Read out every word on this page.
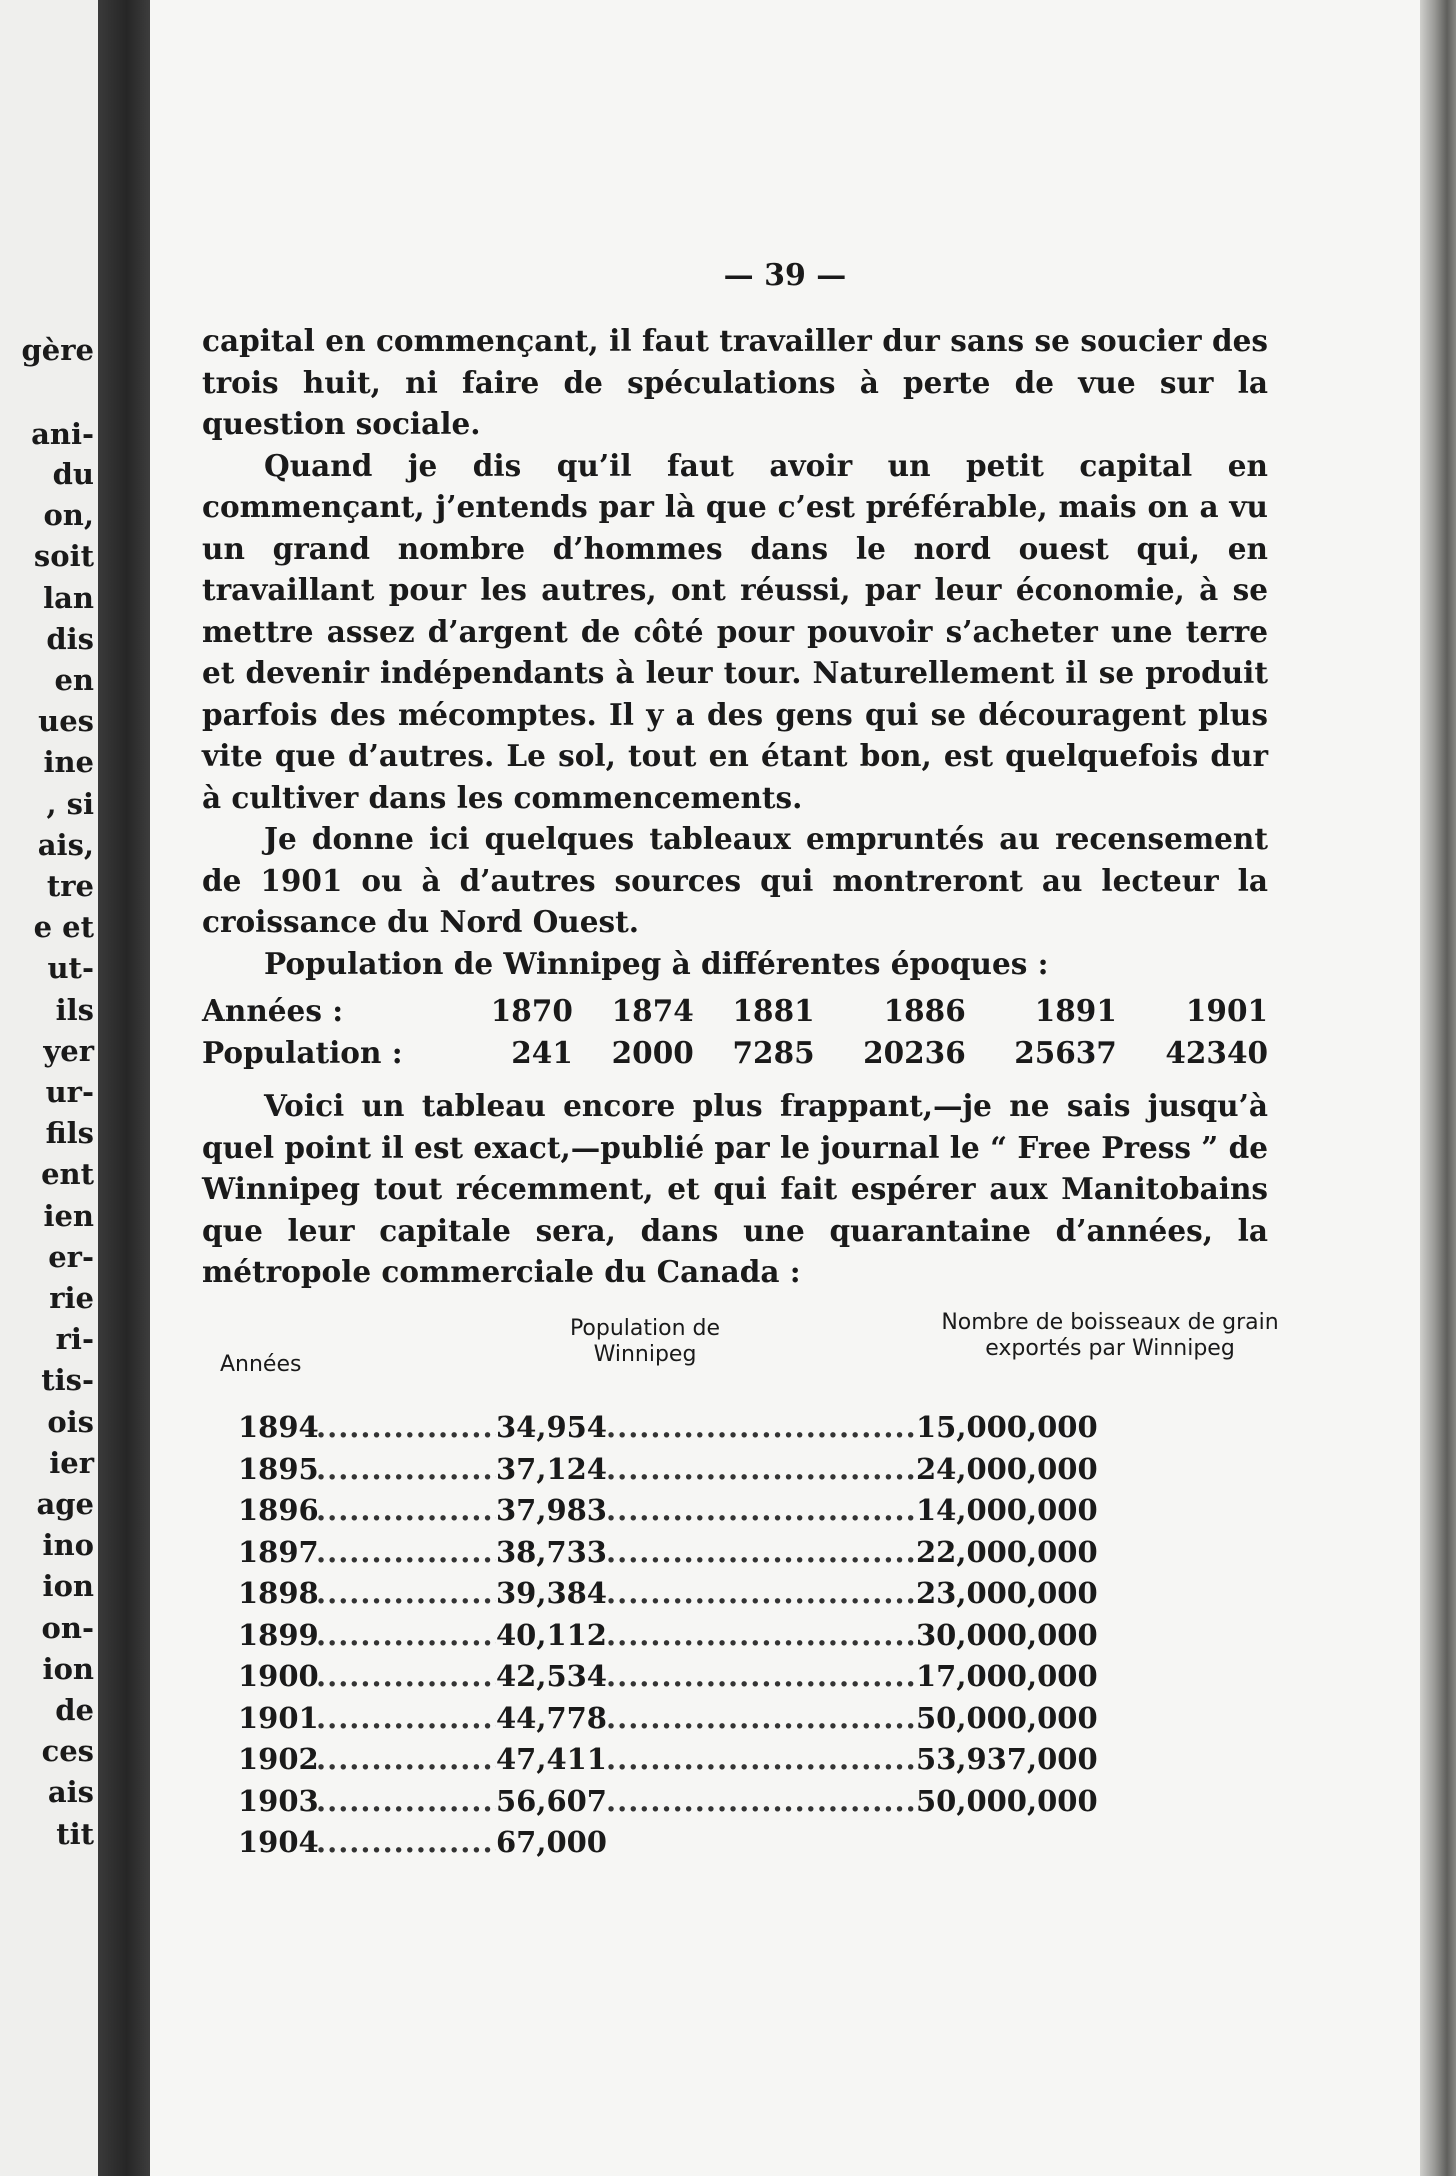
gère
ani-
du
on,
soit
lan
dis
en
ues
ine
, si
ais,
tre
e et
ut-
ils
yer
ur-
fils
ent
ien
er-
rie
ri-
tis-
ois
ier
age
ino
ion
on-
ion
de
ces
ais
tit
— 39 —

capital en commençant, il faut travailler dur sans se soucier des trois huit, ni faire de spéculations à perte de vue sur la question sociale.

Quand je dis qu’il faut avoir un petit capital en commençant, j’entends par là que c’est préférable, mais on a vu un grand nombre d’hommes dans le nord ouest qui, en travaillant pour les autres, ont réussi, par leur économie, à se mettre assez d’argent de côté pour pouvoir s’acheter une terre et devenir indépendants à leur tour. Naturellement il se produit parfois des mécomptes. Il y a des gens qui se découragent plus vite que d’autres. Le sol, tout en étant bon, est quelquefois dur à cultiver dans les commencements.

Je donne ici quelques tableaux empruntés au recensement de 1901 ou à d’autres sources qui montreront au lecteur la croissance du Nord Ouest.

Population de Winnipeg à différentes époques :

Années :	1870	1874	1881	1886	1891	1901
Population :	241	2000	7285	20236	25637	42340

Voici un tableau encore plus frappant,—je ne sais jusqu’à quel point il est exact,—publié par le journal le “ Free Press ” de Winnipeg tout récemment, et qui fait espérer aux Manitobains que leur capitale sera, dans une quarantaine d’années, la métropole commerciale du Canada :

Années
Population de Winnipeg
Nombre de boisseaux de grain exportés par Winnipeg
1894 .....	34,954 .....	15,000,000
1895 .....	37,124 .....	24,000,000
1896 .....	37,983 .....	14,000,000
1897 .....	38,733 .....	22,000,000
1898 .....	39,384 .....	23,000,000
1899 .....	40,112 .....	30,000,000
1900 .....	42,534 .....	17,000,000
1901 .....	44,778 .....	50,000,000
1902 .....	47,411 .....	53,937,000
1903 .....	56,607 .....	50,000,000
1904 .....	67,000
